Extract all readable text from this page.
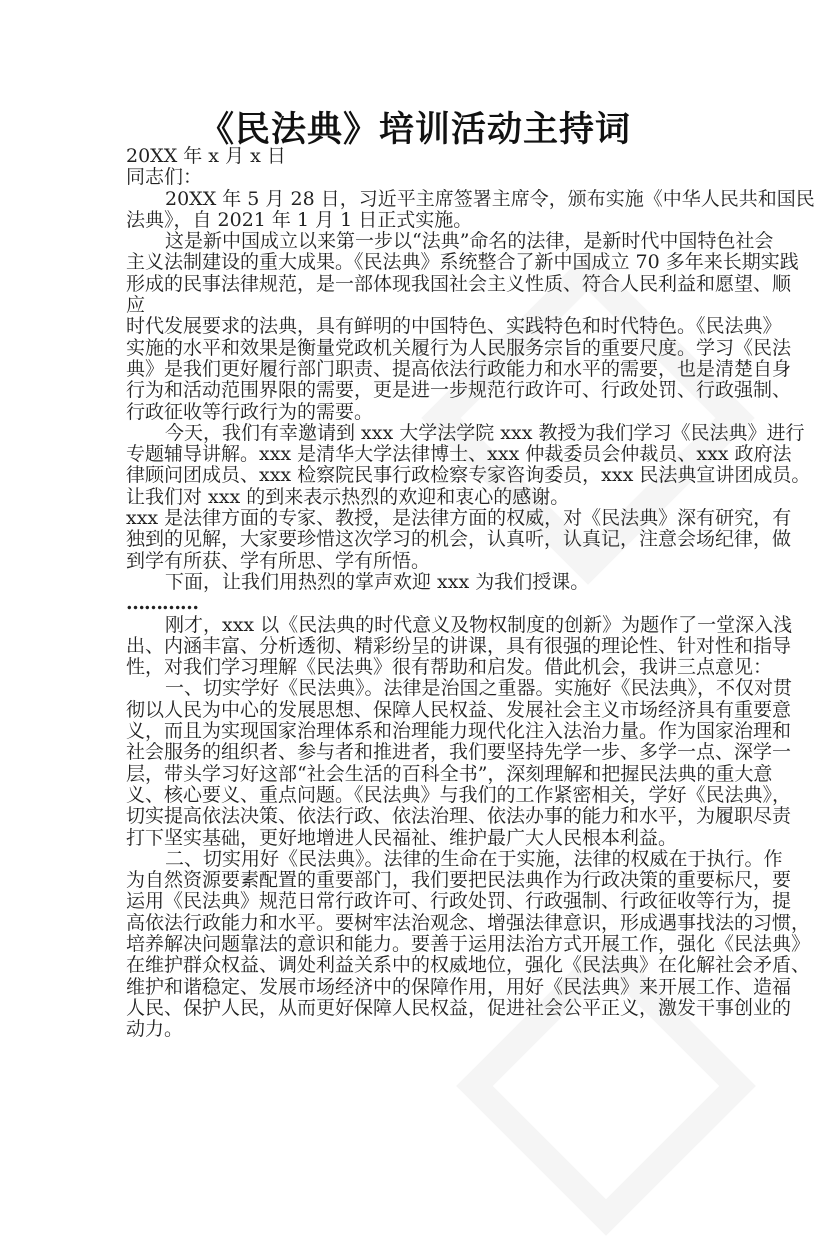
《民法典》培训活动主持词
20XX 年 x 月 x 日
同志们：
20XX 年 5 月 28 日，习近平主席签署主席令，颁布实施《中华人民共和国民
法典》，自 2021 年 1 月 1 日正式实施。
这是新中国成立以来第一步以“法典”命名的法律，是新时代中国特色社会
主义法制建设的重大成果。《民法典》系统整合了新中国成立 70 多年来长期实践
形成的民事法律规范，是一部体现我国社会主义性质、符合人民利益和愿望、顺
应
时代发展要求的法典，具有鲜明的中国特色、实践特色和时代特色。《民法典》
实施的水平和效果是衡量党政机关履行为人民服务宗旨的重要尺度。学习《民法
典》是我们更好履行部门职责、提高依法行政能力和水平的需要，也是清楚自身
行为和活动范围界限的需要，更是进一步规范行政许可、行政处罚、行政强制、
行政征收等行政行为的需要。
今天，我们有幸邀请到 xxx 大学法学院 xxx 教授为我们学习《民法典》进行
专题辅导讲解。xxx 是清华大学法律博士、xxx 仲裁委员会仲裁员、xxx 政府法
律顾问团成员、xxx 检察院民事行政检察专家咨询委员，xxx 民法典宣讲团成员。
让我们对 xxx 的到来表示热烈的欢迎和衷心的感谢。
xxx 是法律方面的专家、教授，是法律方面的权威，对《民法典》深有研究，有
独到的见解，大家要珍惜这次学习的机会，认真听，认真记，注意会场纪律，做
到学有所获、学有所思、学有所悟。
下面，让我们用热烈的掌声欢迎 xxx 为我们授课。
…………
刚才，xxx 以《民法典的时代意义及物权制度的创新》为题作了一堂深入浅
出、内涵丰富、分析透彻、精彩纷呈的讲课，具有很强的理论性、针对性和指导
性，对我们学习理解《民法典》很有帮助和启发。借此机会，我讲三点意见：
一、切实学好《民法典》。法律是治国之重器。实施好《民法典》，不仅对贯
彻以人民为中心的发展思想、保障人民权益、发展社会主义市场经济具有重要意
义，而且为实现国家治理体系和治理能力现代化注入法治力量。作为国家治理和
社会服务的组织者、参与者和推进者，我们要坚持先学一步、多学一点、深学一
层，带头学习好这部“社会生活的百科全书”，深刻理解和把握民法典的重大意
义、核心要义、重点问题。《民法典》与我们的工作紧密相关，学好《民法典》，
切实提高依法决策、依法行政、依法治理、依法办事的能力和水平，为履职尽责
打下坚实基础，更好地增进人民福祉、维护最广大人民根本利益。
二、切实用好《民法典》。法律的生命在于实施，法律的权威在于执行。作
为自然资源要素配置的重要部门，我们要把民法典作为行政决策的重要标尺，要
运用《民法典》规范日常行政许可、行政处罚、行政强制、行政征收等行为，提
高依法行政能力和水平。要树牢法治观念、增强法律意识，形成遇事找法的习惯，
培养解决问题靠法的意识和能力。要善于运用法治方式开展工作，强化《民法典》
在维护群众权益、调处利益关系中的权威地位，强化《民法典》在化解社会矛盾、
维护和谐稳定、发展市场经济中的保障作用，用好《民法典》来开展工作、造福
人民、保护人民，从而更好保障人民权益，促进社会公平正义，激发干事创业的
动力。
